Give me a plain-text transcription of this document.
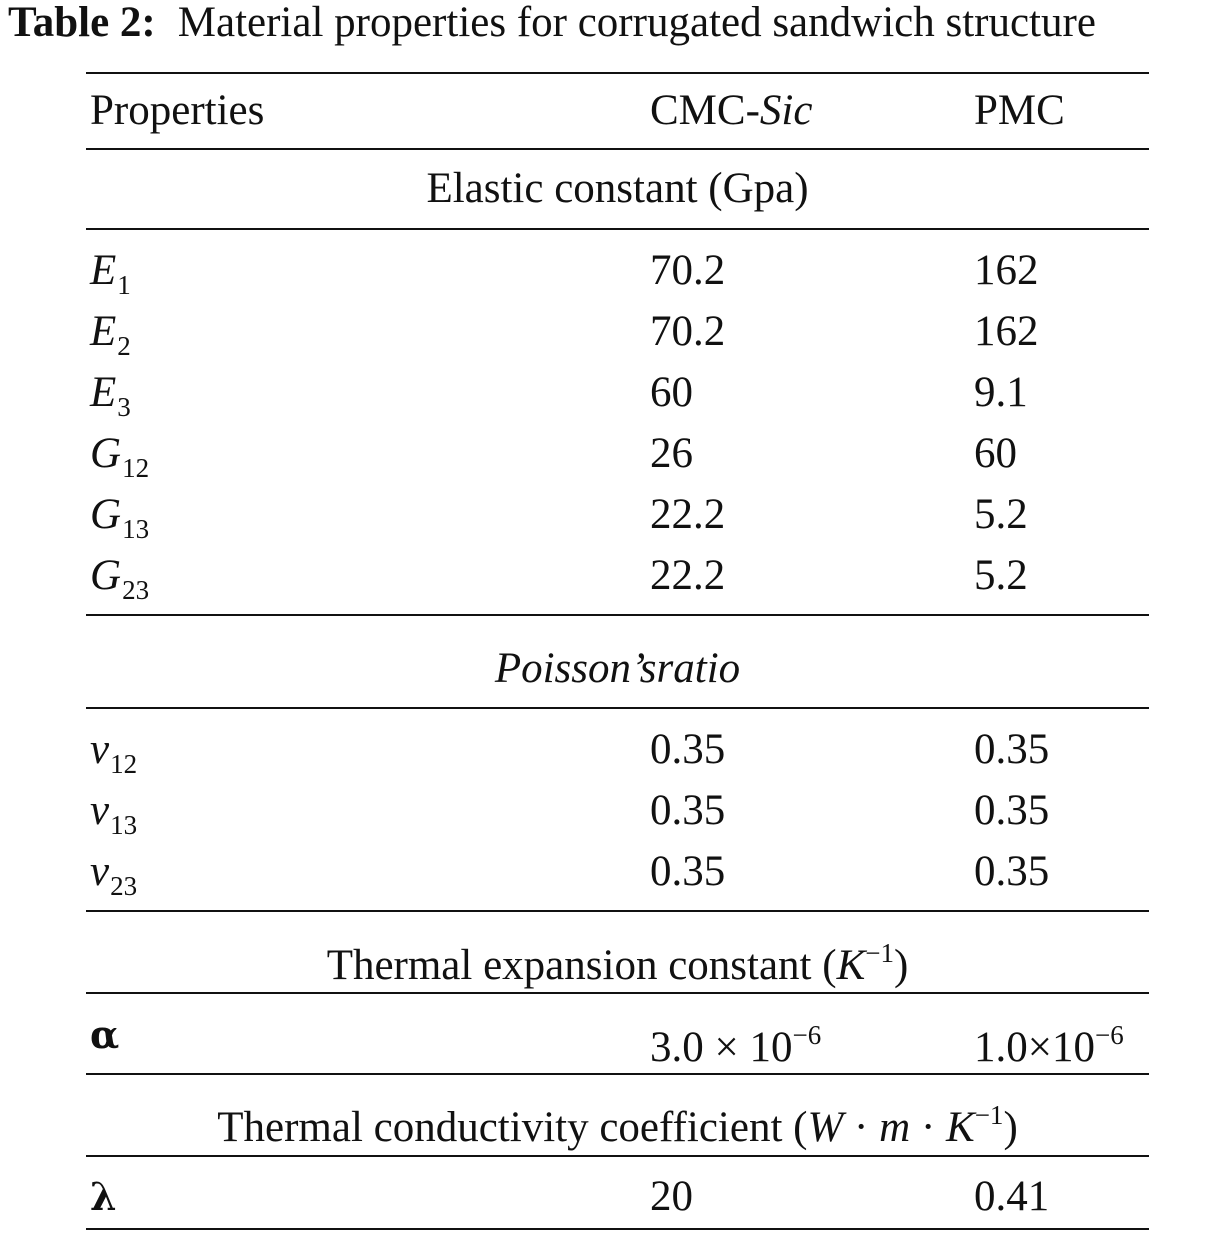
Table 2: Material properties for corrugated sandwich structure
Properties	CMC-Sic	PMC
Elastic constant (Gpa)
$E_1$	70.2	162
$E_2$	70.2	162
$E_3$	60	9.1
$G_{12}$	26	60
$G_{13}$	22.2	5.2
$G_{23}$	22.2	5.2
Poisson’sratio
$\nu_{12}$	0.35	0.35
$\nu_{13}$	0.35	0.35
$\nu_{23}$	0.35	0.35
Thermal expansion constant $(K^{-1})$
α	$3.0 \times 10^{-6}$	$1.0\times 10^{-6}$
Thermal conductivity coefficient $(W \cdot m \cdot K^{-1})$
λ	20	0.41
